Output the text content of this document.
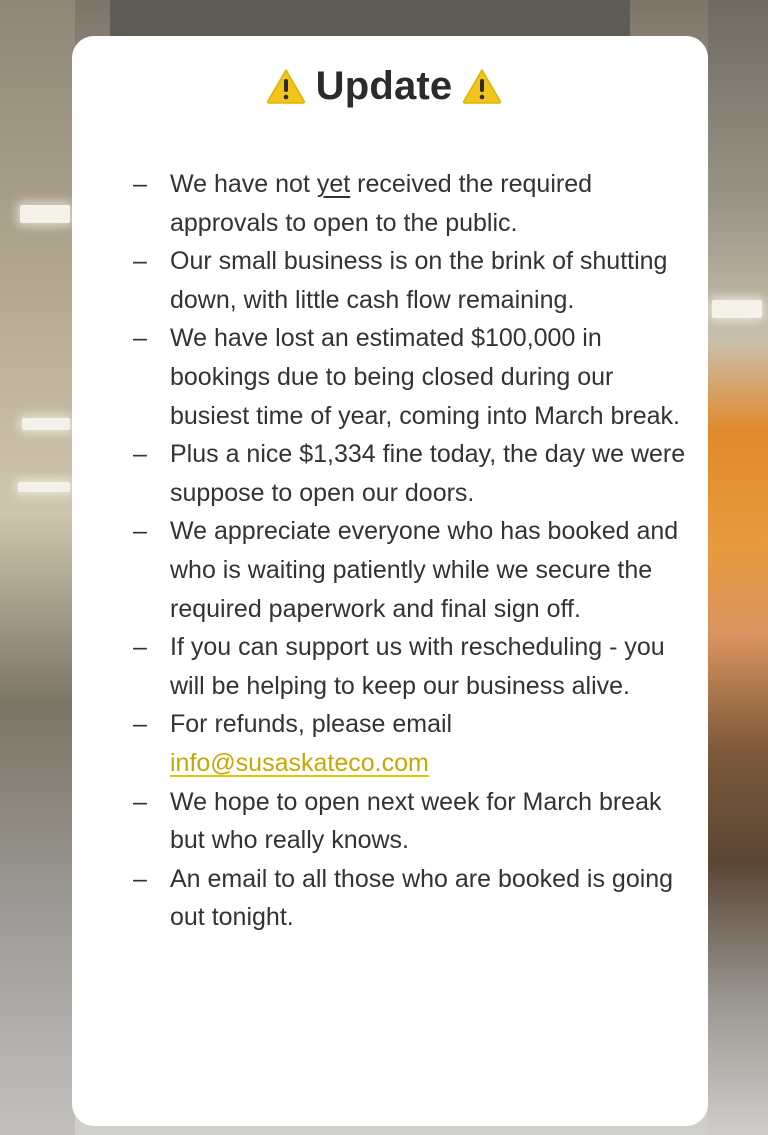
Update
– We have not yet received the required approvals to open to the public.
– Our small business is on the brink of shutting down, with little cash flow remaining.
– We have lost an estimated $100,000 in bookings due to being closed during our busiest time of year, coming into March break.
– Plus a nice $1,334 fine today, the day we were suppose to open our doors.
– We appreciate everyone who has booked and who is waiting patiently while we secure the required paperwork and final sign off.
– If you can support us with rescheduling - you will be helping to keep our business alive.
– For refunds, please email
info@susaskateco.com
– We hope to open next week for March break but who really knows.
– An email to all those who are booked is going out tonight.
